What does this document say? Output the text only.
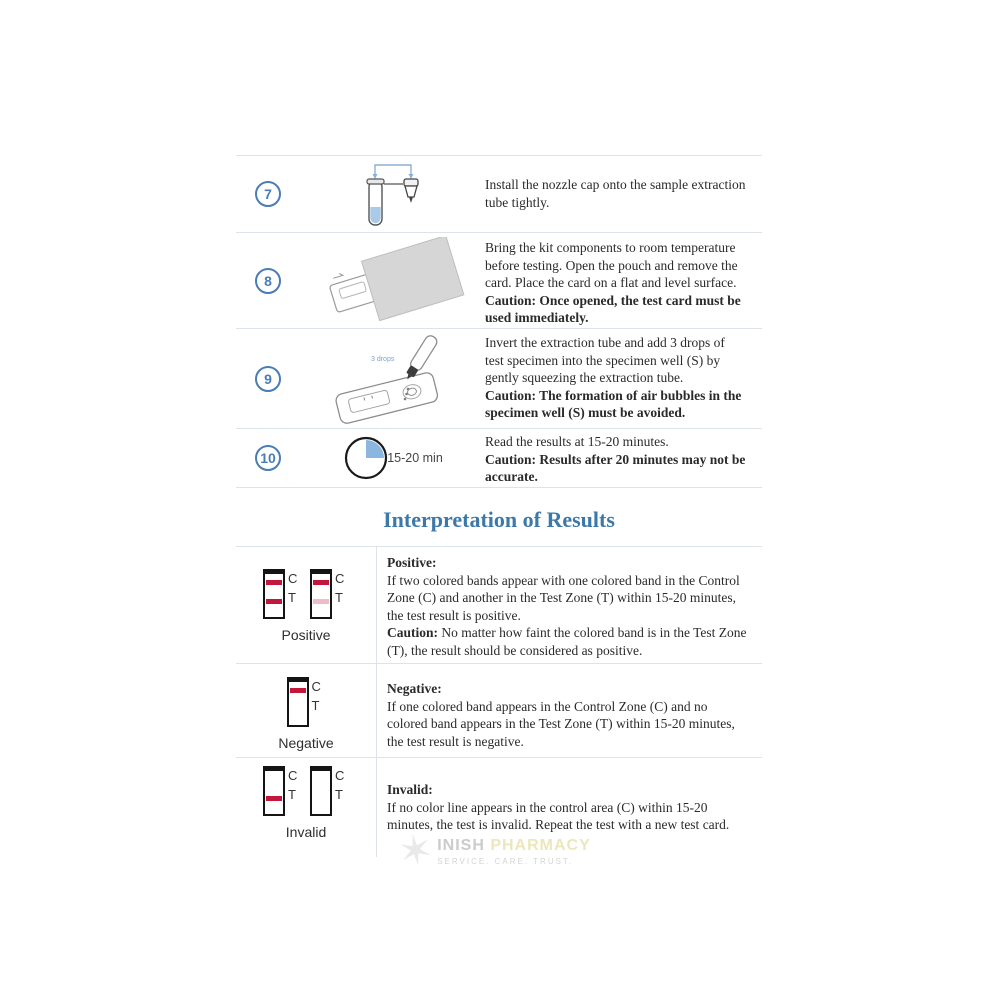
7
Install the nozzle cap onto the sample extraction tube tightly.
8
Bring the kit components to room temperature before testing. Open the pouch and remove the card. Place the card on a flat and level surface.
Caution: Once opened, the test card must be used immediately.
9
3 drops
Invert the extraction tube and add 3 drops of test specimen into the specimen well (S) by gently squeezing the extraction tube.
Caution: The formation of air bubbles in the specimen well (S) must be avoided.
10	15-20 min
Read the results at 15-20 minutes.
Caution: Results after 20 minutes may not be accurate.
Interpretation of Results
C
T
C
T
Positive
Positive:
If two colored bands appear with one colored band in the Control Zone (C) and another in the Test Zone (T) within 15-20 minutes, the test result is positive.
Caution: No matter how faint the colored band is in the Test Zone (T), the result should be considered as positive.
C
T
Negative
Negative:
If one colored band appears in the Control Zone (C) and no colored band appears in the Test Zone (T) within 15-20 minutes, the test result is negative.
C
T
C
T
Invalid
Invalid:
If no color line appears in the control area (C) within 15-20 minutes, the test is invalid. Repeat the test with a new test card.
✶ INISH PHARMACY
SERVICE. CARE. TRUST.
